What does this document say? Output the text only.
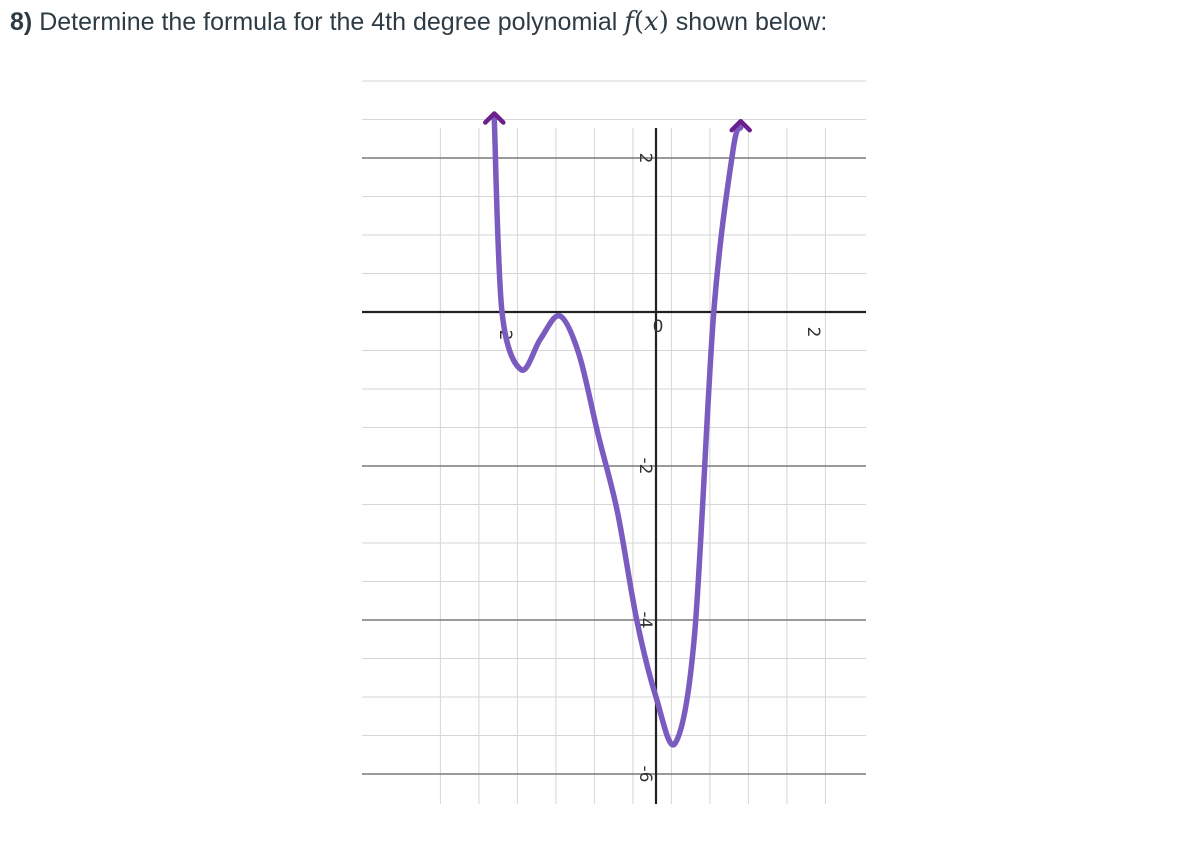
8) Determine the formula for the 4th degree polynomial f(x) shown below:
-2	0	2
2
-2
-4
-6
